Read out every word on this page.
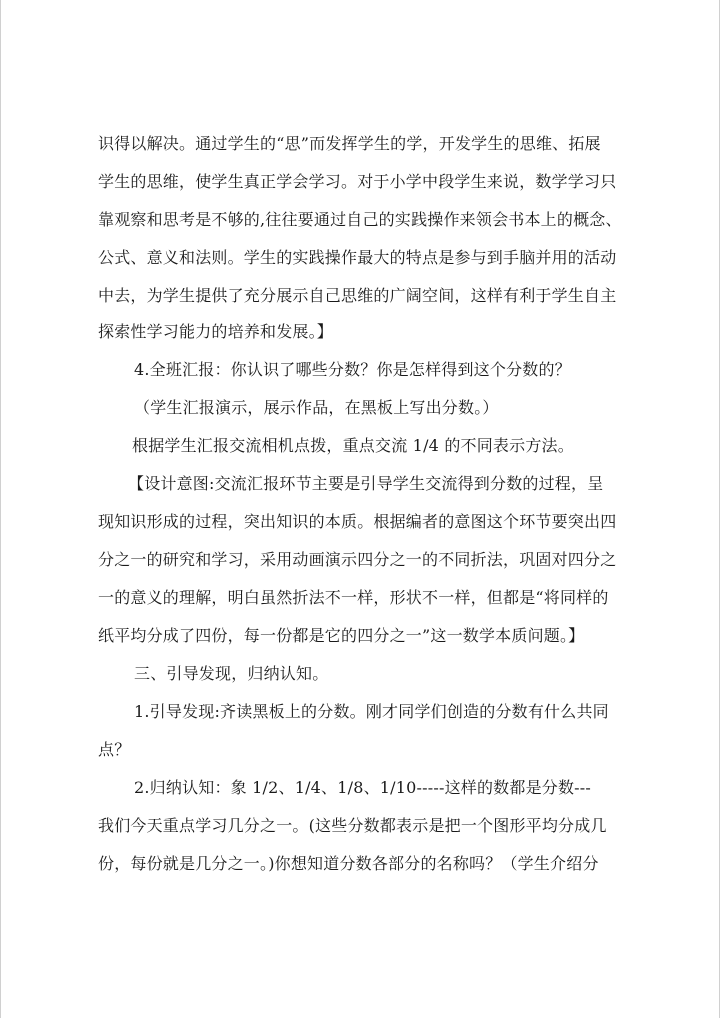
识得以解决。通过学生的“思”而发挥学生的学，开发学生的思维、拓展
学生的思维，使学生真正学会学习。对于小学中段学生来说，数学学习只
靠观察和思考是不够的,往往要通过自己的实践操作来领会书本上的概念、
公式、意义和法则。学生的实践操作最大的特点是参与到手脑并用的活动
中去，为学生提供了充分展示自己思维的广阔空间，这样有利于学生自主
探索性学习能力的培养和发展。】
4.全班汇报：你认识了哪些分数？你是怎样得到这个分数的？
（学生汇报演示，展示作品，在黑板上写出分数。）
根据学生汇报交流相机点拨，重点交流 1/4 的不同表示方法。
【设计意图:交流汇报环节主要是引导学生交流得到分数的过程，呈
现知识形成的过程，突出知识的本质。根据编者的意图这个环节要突出四
分之一的研究和学习，采用动画演示四分之一的不同折法，巩固对四分之
一的意义的理解，明白虽然折法不一样，形状不一样，但都是“将同样的
纸平均分成了四份，每一份都是它的四分之一”这一数学本质问题。】
三、引导发现，归纳认知。
1.引导发现:齐读黑板上的分数。刚才同学们创造的分数有什么共同
点？
2.归纳认知：象 1/2、1/4、1/8、1/10-----这样的数都是分数---
我们今天重点学习几分之一。(这些分数都表示是把一个图形平均分成几
份，每份就是几分之一。)你想知道分数各部分的名称吗？（学生介绍分
